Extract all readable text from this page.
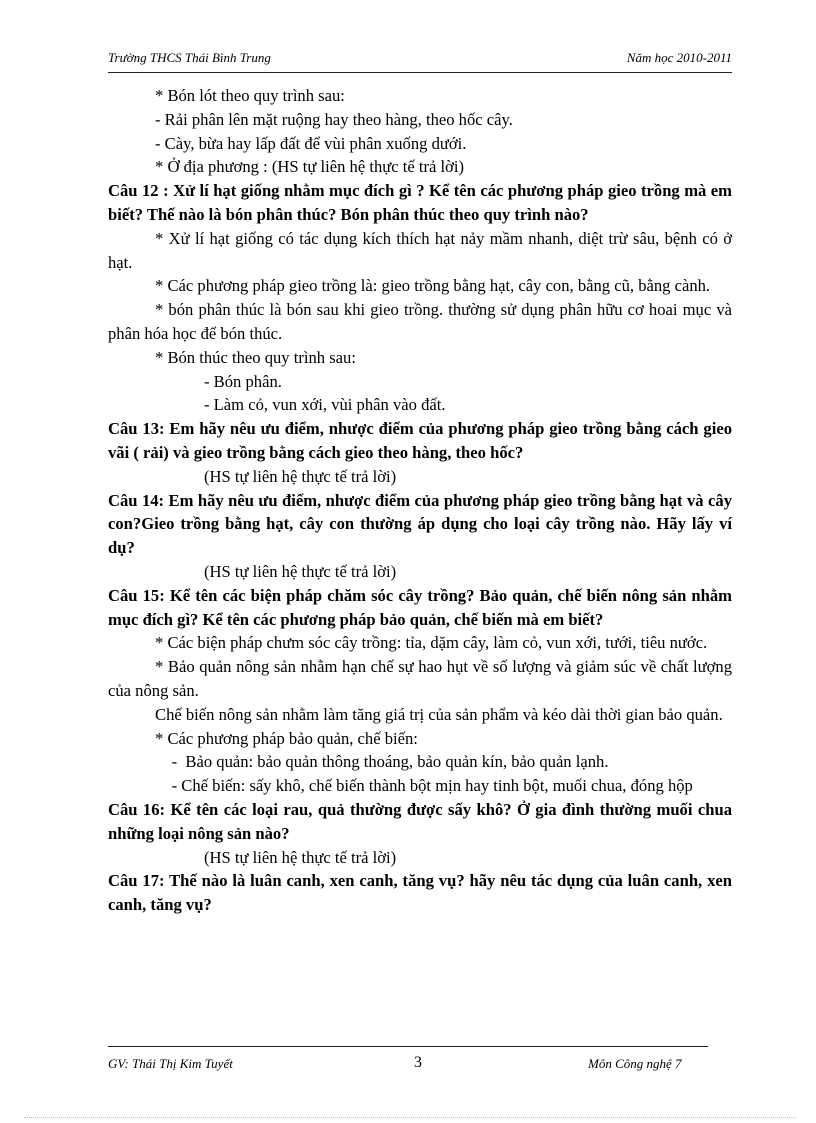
Trường THCS Thái Bình Trung	Năm học 2010-2011

* Bón lót theo quy trình sau:

- Rải phân lên mặt ruộng hay theo hàng, theo hốc cây.

- Cày, bừa hay lấp đất để vùi phân xuống dưới.

* Ở địa phương : (HS tự liên hệ thực tế trả lời)

Câu 12 : Xử lí hạt giống nhằm mục đích gì ? Kể tên các phương pháp gieo trồng mà em biết? Thế nào là bón phân thúc? Bón phân thúc theo quy trình nào?

* Xử lí hạt giống có tác dụng kích thích hạt nảy mầm nhanh, diệt trừ sâu, bệnh có ở hạt.

* Các phương pháp gieo trồng là: gieo trồng bằng hạt, cây con, bằng cũ, bằng cành.

* bón phân thúc là bón sau khi gieo trồng. thường sử dụng phân hữu cơ hoai mục và phân hóa học để bón thúc.

* Bón thúc theo quy trình sau:

- Bón phân.

- Làm cỏ, vun xới, vùi phân vào đất.

Câu 13: Em hãy nêu ưu điểm, nhược điểm của phương pháp gieo trồng bằng cách gieo vãi ( rải) và gieo trồng bằng cách gieo theo hàng, theo hốc?

(HS tự liên hệ thực tế trả lời)

Câu 14: Em hãy nêu ưu điểm, nhược điểm của phương pháp gieo trồng bằng hạt và cây con?Gieo trồng bằng hạt, cây con thường áp dụng cho loại cây trồng nào. Hãy lấy ví dụ?

(HS tự liên hệ thực tế trả lời)

Câu 15: Kể tên các biện pháp chăm sóc cây trồng? Bảo quản, chế biến nông sản nhằm mục đích gì? Kể tên các phương pháp bảo quản, chế biến mà em biết?

* Các biện pháp chưm sóc cây trồng: tỉa, dặm cây, làm cỏ, vun xới, tưới, tiêu nước.

* Bảo quản nông sản nhằm hạn chế sự hao hụt về số lượng và giảm súc về chất lượng của nông sản.

Chế biến nông sản nhằm làm tăng giá trị của sản phẩm và kéo dài thời gian bảo quản.

* Các phương pháp bảo quản, chế biến:

-  Bảo quản: bảo quản thông thoáng, bảo quản kín, bảo quản lạnh.

- Chế biến: sấy khô, chế biến thành bột mịn hay tinh bột, muối chua, đóng hộp

Câu 16: Kể tên các loại rau, quả thường được sấy khô? Ở gia đình thường muối chua những loại nông sản nào?

(HS tự liên hệ thực tế trả lời)

Câu 17: Thế nào là luân canh, xen canh, tăng vụ? hãy nêu tác dụng của luân canh, xen canh, tăng vụ?

GV: Thái Thị Kim Tuyết	3	Môn Công nghệ 7
